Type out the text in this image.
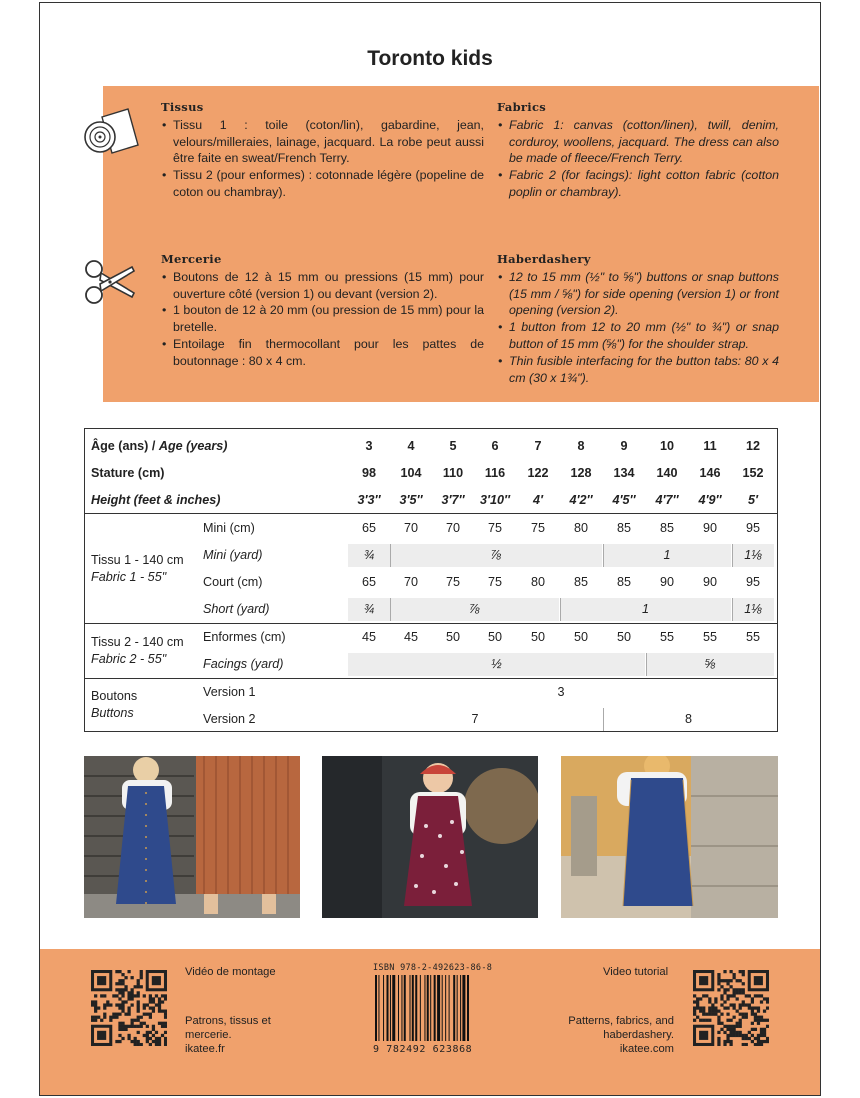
Toronto kids
Tissus
• Tissu 1 : toile (coton/lin), gabardine, jean, velours/milleraies, lainage, jacquard. La robe peut aussi être faite en sweat/French Terry.
• Tissu 2 (pour enformes) : cotonnade légère (popeline de coton ou chambray).
Fabrics
• Fabric 1: canvas (cotton/linen), twill, denim, corduroy, woollens, jacquard. The dress can also be made of fleece/French Terry.
• Fabric 2 (for facings): light cotton fabric (cotton poplin or chambray).
Mercerie
• Boutons de 12 à 15 mm ou pressions (15 mm) pour ouverture côté (version 1) ou devant (version 2).
• 1 bouton de 12 à 20 mm (ou pression de 15 mm) pour la bretelle.
• Entoilage fin thermocollant pour les pattes de boutonnage : 80 x 4 cm.
Haberdashery
• 12 to 15 mm (½" to ⅝") buttons or snap buttons (15 mm / ⅝") for side opening (version 1) or front opening (version 2).
• 1 button from 12 to 20 mm (½" to ¾") or snap button of 15 mm (⅝") for the shoulder strap.
• Thin fusible interfacing for the button tabs: 80 x 4 cm (30 x 1¾").
Âge (ans) / Age (years)	3	4	5	6	7	8	9	10	11	12
Stature (cm)	98	104	110	116	122	128	134	140	146	152
Height (feet & inches)	3′3″	3′5″	3′7″	3′10″	4′	4′2″	4′5″	4′7″	4′9″	5′
Tissu 1 - 140 cm
Fabric 1 - 55"
Mini (cm)	65	70	70	75	75	80	85	85	90	95
Mini (yard)	¾	⅞	1	1⅛
Court (cm)	65	70	75	75	80	85	85	90	90	95
Short (yard)	¾	⅞	1	1⅛
Tissu 2 - 140 cm
Fabric 2 - 55"
Enformes (cm)	45	45	50	50	50	50	50	55	55	55
Facings (yard)	½	⅝
Boutons
Buttons
Version 1	3
Version 2	7	8
Vidéo de montage
Patrons, tissus et
mercerie.
ikatee.fr
ISBN 978-2-492623-86-8
9 782492 623868
Video tutorial
Patterns, fabrics, and
haberdashery.
ikatee.com
